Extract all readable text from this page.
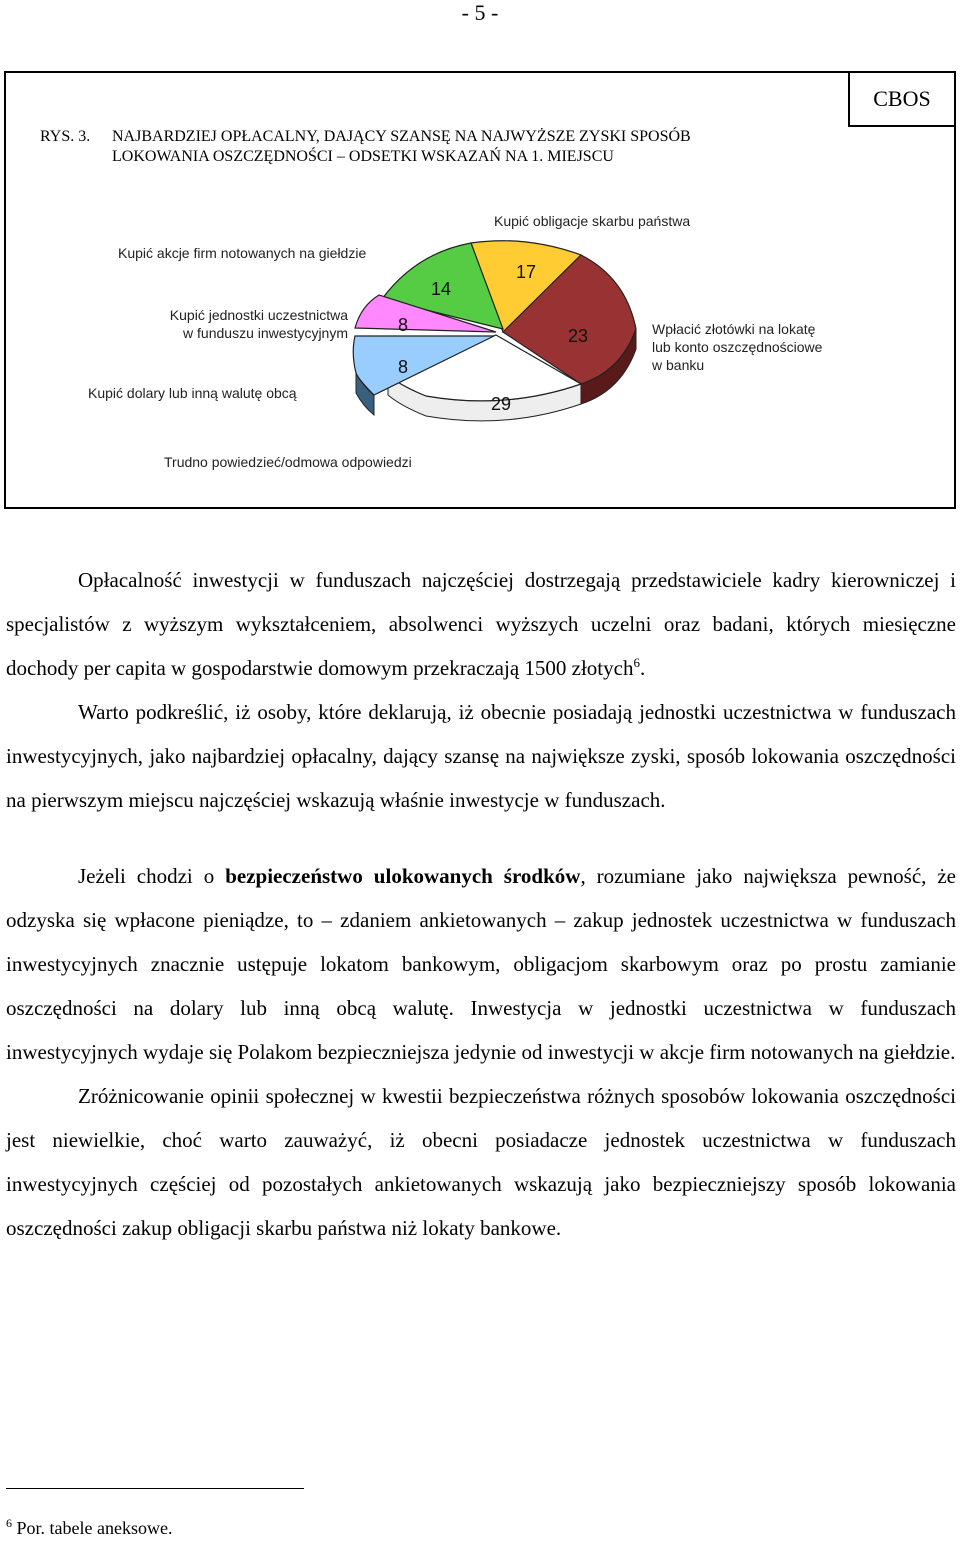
- 5 -
CBOS
RYS. 3. NAJBARDZIEJ OPŁACALNY, DAJĄCY SZANSĘ NA NAJWYŻSZE ZYSKI SPOSÓB
LOKOWANIA OSZCZĘDNOŚCI – ODSETKI WSKAZAŃ NA 1. MIEJSCU
17
23
29
14
8
8
Kupić obligacje skarbu państwa
Wpłacić złotówki na lokatę
lub konto oszczędnościowe
w banku
Kupić akcje firm notowanych na giełdzie
Kupić jednostki uczestnictwa
w funduszu inwestycyjnym
Kupić dolary lub inną walutę obcą
Trudno powiedzieć/odmowa odpowiedzi

Opłacalność inwestycji w funduszach najczęściej dostrzegają przedstawiciele kadry kierowniczej i specjalistów z wyższym wykształceniem, absolwenci wyższych uczelni oraz badani, których miesięczne dochody per capita w gospodarstwie domowym przekraczają 1500 złotych$^6$.

Warto podkreślić, iż osoby, które deklarują, iż obecnie posiadają jednostki uczestnictwa w funduszach inwestycyjnych, jako najbardziej opłacalny, dający szansę na największe zyski, sposób lokowania oszczędności na pierwszym miejscu najczęściej wskazują właśnie inwestycje w funduszach.

Jeżeli chodzi o bezpieczeństwo ulokowanych środków, rozumiane jako największa pewność, że odzyska się wpłacone pieniądze, to – zdaniem ankietowanych – zakup jednostek uczestnictwa w funduszach inwestycyjnych znacznie ustępuje lokatom bankowym, obligacjom skarbowym oraz po prostu zamianie oszczędności na dolary lub inną obcą walutę. Inwestycja w jednostki uczestnictwa w funduszach inwestycyjnych wydaje się Polakom bezpieczniejsza jedynie od inwestycji w akcje firm notowanych na giełdzie.

Zróżnicowanie opinii społecznej w kwestii bezpieczeństwa różnych sposobów lokowania oszczędności jest niewielkie, choć warto zauważyć, iż obecni posiadacze jednostek uczestnictwa w funduszach inwestycyjnych częściej od pozostałych ankietowanych wskazują jako bezpieczniejszy sposób lokowania oszczędności zakup obligacji skarbu państwa niż lokaty bankowe.

$^6$ Por. tabele aneksowe.
